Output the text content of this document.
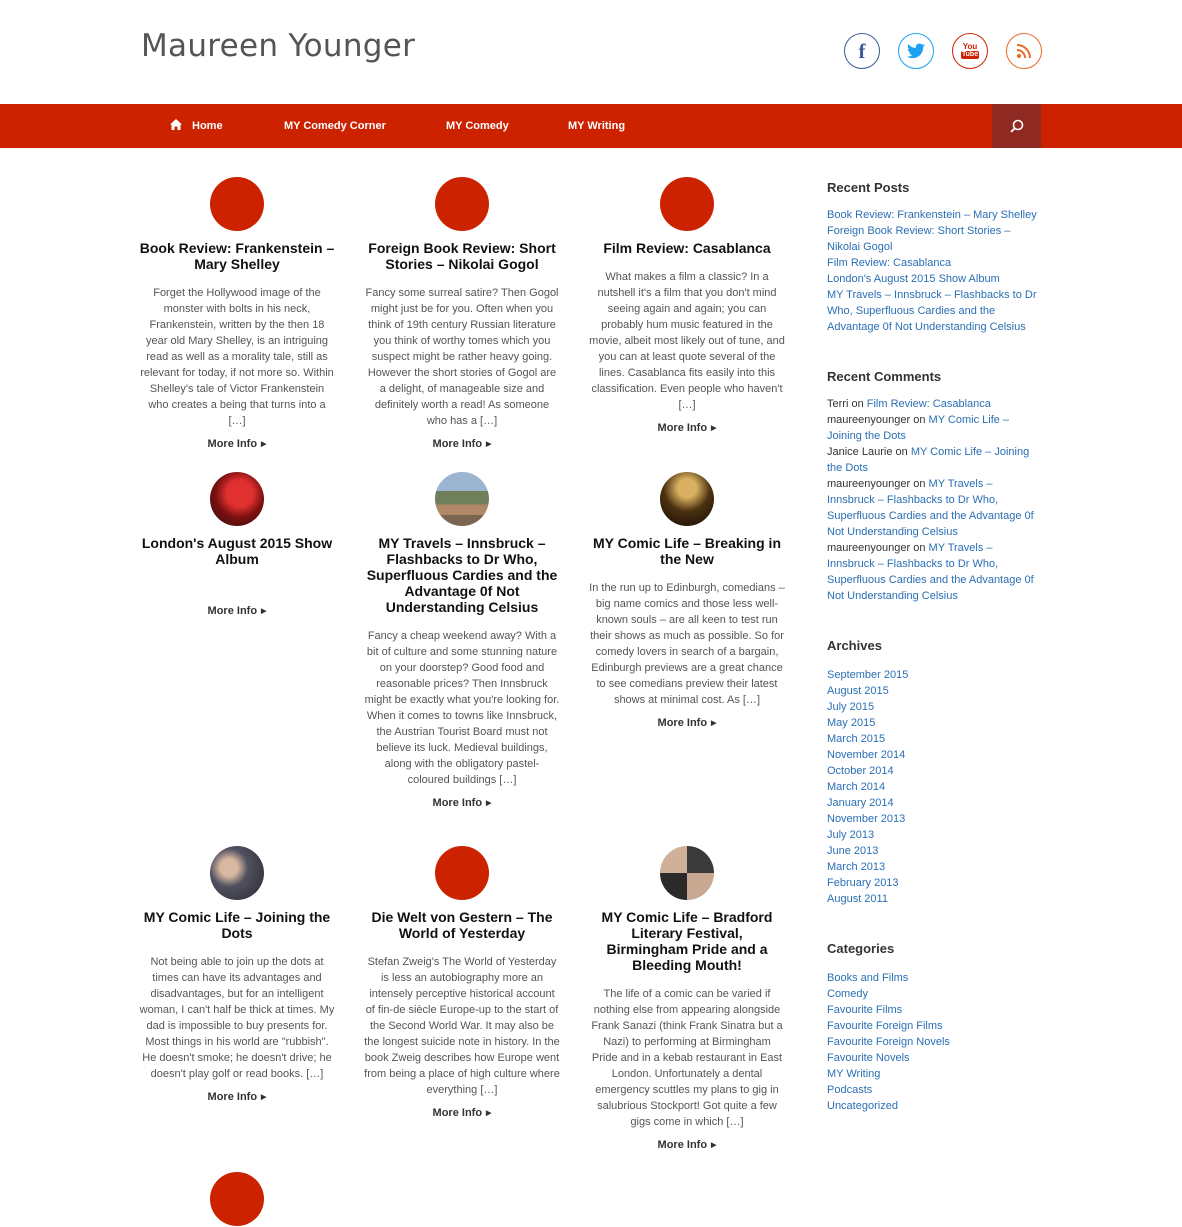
Maureen Younger	f	You
Tube
Home	MY Comedy Corner	MY Comedy	MY Writing
Book Review: Frankenstein – Mary Shelley
Forget the Hollywood image of the monster with bolts in his neck, Frankenstein, written by the then 18 year old Mary Shelley, is an intriguing read as well as a morality tale, still as relevant for today, if not more so. Within Shelley's tale of Victor Frankenstein who creates a being that turns into a […]
More Info ▶
Foreign Book Review: Short Stories – Nikolai Gogol
Fancy some surreal satire? Then Gogol might just be for you. Often when you think of 19th century Russian literature you think of worthy tomes which you suspect might be rather heavy going. However the short stories of Gogol are a delight, of manageable size and definitely worth a read! As someone who has a […]
More Info ▶
Film Review: Casablanca
What makes a film a classic? In a nutshell it's a film that you don't mind seeing again and again; you can probably hum music featured in the movie, albeit most likely out of tune, and you can at least quote several of the lines. Casablanca fits easily into this classification. Even people who haven't […]
More Info ▶
London's August 2015 Show Album
More Info ▶
MY Travels – Innsbruck – Flashbacks to Dr Who, Superfluous Cardies and the Advantage 0f Not Understanding Celsius
Fancy a cheap weekend away? With a bit of culture and some stunning nature on your doorstep? Good food and reasonable prices? Then Innsbruck might be exactly what you're looking for. When it comes to towns like Innsbruck, the Austrian Tourist Board must not believe its luck. Medieval buildings, along with the obligatory pastel-coloured buildings […]
More Info ▶
MY Comic Life – Breaking in the New
In the run up to Edinburgh, comedians – big name comics and those less well-known souls – are all keen to test run their shows as much as possible. So for comedy lovers in search of a bargain, Edinburgh previews are a great chance to see comedians preview their latest shows at minimal cost. As […]
More Info ▶
MY Comic Life – Joining the Dots
Not being able to join up the dots at times can have its advantages and disadvantages, but for an intelligent woman, I can't half be thick at times. My dad is impossible to buy presents for. Most things in his world are "rubbish". He doesn't smoke; he doesn't drive; he doesn't play golf or read books. […]
More Info ▶
Die Welt von Gestern – The World of Yesterday
Stefan Zweig's The World of Yesterday is less an autobiography more an intensely perceptive historical account of fin-de siècle Europe-up to the start of the Second World War. It may also be the longest suicide note in history. In the book Zweig describes how Europe went from being a place of high culture where everything […]
More Info ▶
MY Comic Life – Bradford Literary Festival, Birmingham Pride and a Bleeding Mouth!
The life of a comic can be varied if nothing else from appearing alongside Frank Sanazi (think Frank Sinatra but a Nazi) to performing at Birmingham Pride and in a kebab restaurant in East London. Unfortunately a dental emergency scuttles my plans to gig in salubrious Stockport! Got quite a few gigs come in which […]
More Info ▶
Recent Posts
Book Review: Frankenstein – Mary Shelley
Foreign Book Review: Short Stories – Nikolai Gogol
Film Review: Casablanca
London's August 2015 Show Album
MY Travels – Innsbruck – Flashbacks to Dr Who, Superfluous Cardies and the Advantage 0f Not Understanding Celsius
Recent Comments
Terri on Film Review: Casablanca
maureenyounger on MY Comic Life – Joining the Dots
Janice Laurie on MY Comic Life – Joining the Dots
maureenyounger on MY Travels – Innsbruck – Flashbacks to Dr Who, Superfluous Cardies and the Advantage 0f Not Understanding Celsius
maureenyounger on MY Travels – Innsbruck – Flashbacks to Dr Who, Superfluous Cardies and the Advantage 0f Not Understanding Celsius
Archives
September 2015
August 2015
July 2015
May 2015
March 2015
November 2014
October 2014
March 2014
January 2014
November 2013
July 2013
June 2013
March 2013
February 2013
August 2011
Categories
Books and Films
Comedy
Favourite Films
Favourite Foreign Films
Favourite Foreign Novels
Favourite Novels
MY Writing
Podcasts
Uncategorized
